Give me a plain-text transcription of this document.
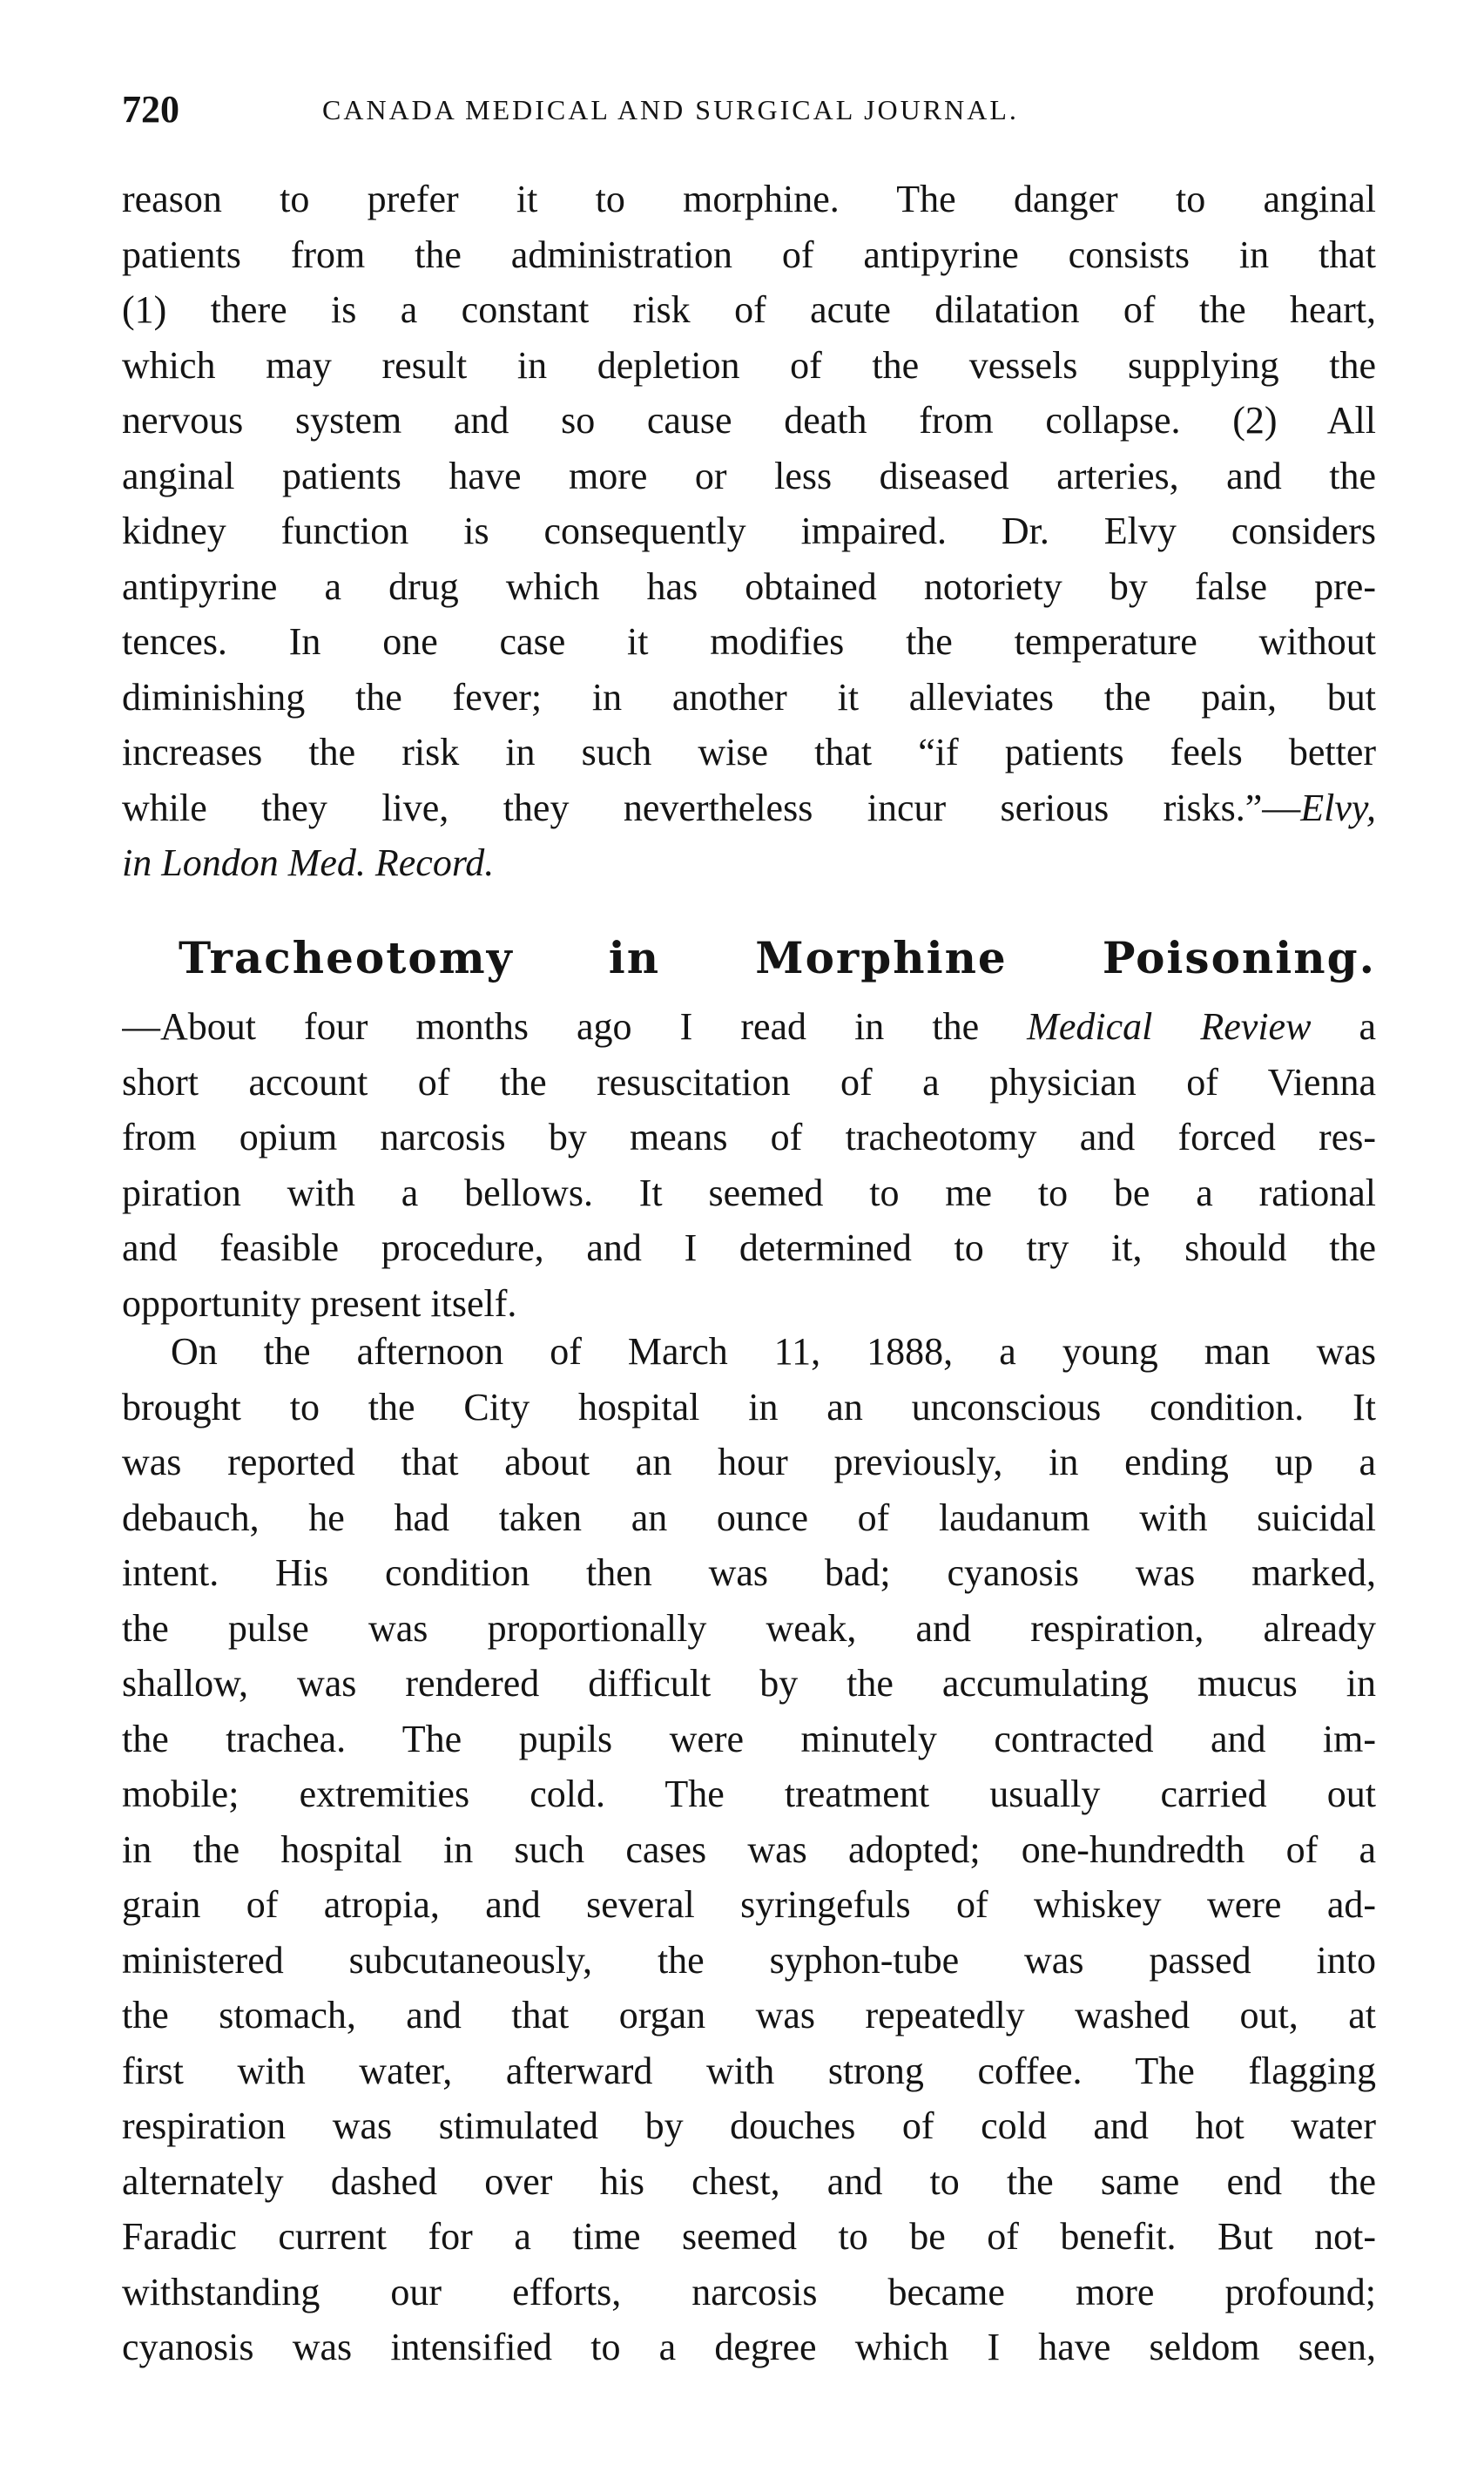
720	CANADA MEDICAL AND SURGICAL JOURNAL.
reason to prefer it to morphine. The danger to anginal
patients from the administration of antipyrine consists in that
(1) there is a constant risk of acute dilatation of the heart,
which may result in depletion of the vessels supplying the
nervous system and so cause death from collapse. (2) All
anginal patients have more or less diseased arteries, and the
kidney function is consequently impaired. Dr. Elvy considers
antipyrine a drug which has obtained notoriety by false pre-
tences. In one case it modifies the temperature without
diminishing the fever; in another it alleviates the pain, but
increases the risk in such wise that “if patients feels better
while they live, they nevertheless incur serious risks.”—Elvy,
in London Med. Record.
Tracheotomy in Morphine Poisoning.
—About four months ago I read in the Medical Review a
short account of the resuscitation of a physician of Vienna
from opium narcosis by means of tracheotomy and forced res-
piration with a bellows. It seemed to me to be a rational
and feasible procedure, and I determined to try it, should the
opportunity present itself.
On the afternoon of March 11, 1888, a young man was
brought to the City hospital in an unconscious condition. It
was reported that about an hour previously, in ending up a
debauch, he had taken an ounce of laudanum with suicidal
intent. His condition then was bad; cyanosis was marked,
the pulse was proportionally weak, and respiration, already
shallow, was rendered difficult by the accumulating mucus in
the trachea. The pupils were minutely contracted and im-
mobile; extremities cold. The treatment usually carried out
in the hospital in such cases was adopted; one-hundredth of a
grain of atropia, and several syringefuls of whiskey were ad-
ministered subcutaneously, the syphon-tube was passed into
the stomach, and that organ was repeatedly washed out, at
first with water, afterward with strong coffee. The flagging
respiration was stimulated by douches of cold and hot water
alternately dashed over his chest, and to the same end the
Faradic current for a time seemed to be of benefit. But not-
withstanding our efforts, narcosis became more profound;
cyanosis was intensified to a degree which I have seldom seen,
